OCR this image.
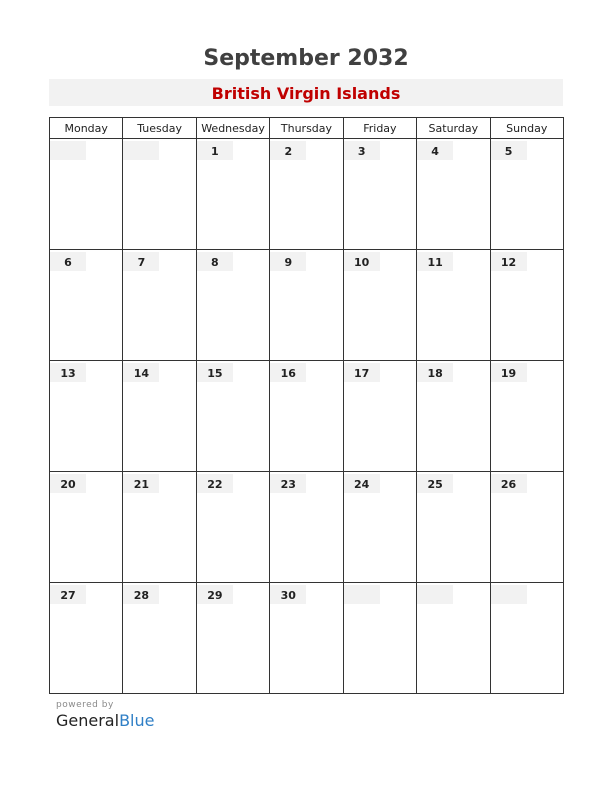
September 2032
British Virgin Islands
Monday	Tuesday	Wednesday	Thursday	Friday	Saturday	Sunday

		1	2	3	4	5

6	7	8	9	10	11	12

13	14	15	16	17	18	19

20	21	22	23	24	25	26

27	28	29	30			

powered by
GeneralBlue
